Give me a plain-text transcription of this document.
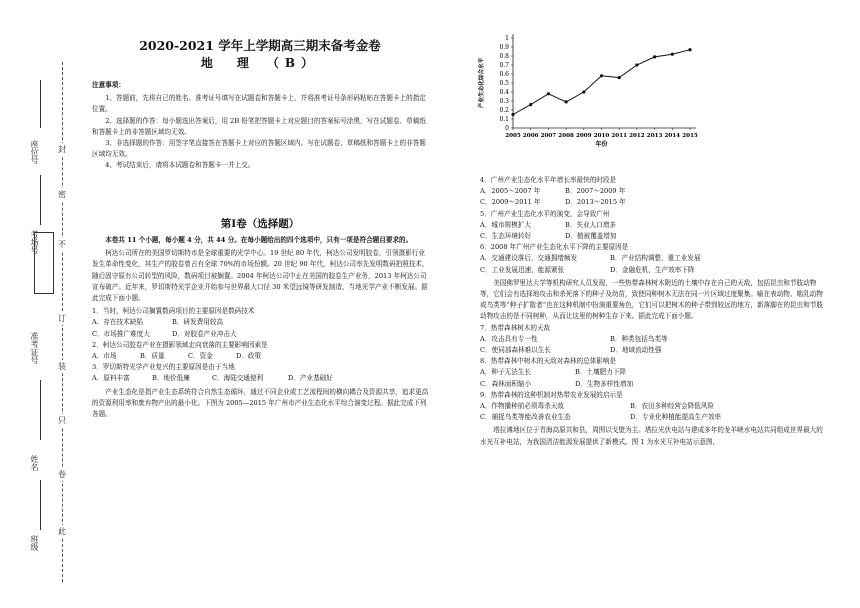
座位号
考场号
准考证号
姓名
班级
封
密
不
订
装
只
卷
此
2020-2021 学年上学期高三期末备考金卷
地　理　（B）

注意事项：

1、答题前，先将自己的姓名、准考证号填写在试题卷和答题卡上，并将准考证号条形码粘贴在答题卡上的指定位置。

2、选择题的作答：每小题选出答案后，用 2B 铅笔把答题卡上对应题目的答案标号涂黑，写在试题卷、草稿纸和答题卡上的非答题区域均无效。

3、非选择题的作答：用签字笔直接答在答题卡上对应的答题区域内。写在试题卷、草稿纸和答题卡上的非答题区域均无效。

4、考试结束后，请将本试题卷和答题卡一并上交。

第Ⅰ卷（选择题）

本卷共 11 个小题，每小题 4 分，共 44 分。在每小题给出的四个选项中，只有一项是符合题目要求的。

柯达公司所在的美国罗切斯特市是全球重要的光学中心。19 世纪 80 年代，柯达公司发明胶卷，引领摄影行业发生革命性变化，其生产的胶卷曾占有全球 70%的市场份额。20 世纪 90 年代，柯达公司率先发明数码拍照技术，随后固守原有公司转型的风险，数码项目被搁置。2004 年柯达公司中止在美国的胶卷生产业务，2013 年柯达公司宣布破产。近年来，罗切斯特光学企业开始参与世界最大口径 30 米望远镜等研发制造，当地光学产业不断发展。据此完成下面小题。

1．当时，柯达公司搁置数码项目的主要原因是数码技术

A．存在技术缺陷	B．研发费用较高
C．市场推广难度大	D．对胶卷产业冲击大

2．柯达公司胶卷产业在摄影领域走向衰落的主要影响因素是

A．市场	B．质量	C．资金	D．政策

3．罗切斯特光学产业复兴的主要原因是由于当地

A．原料丰富	B．地价低廉	C．海陆交通便利	D．产业基础好

产业生态化是指产业生态系统符合自然生态循环，通过不同企业或工艺流程间的横向耦合及资源共享，追求更高的资源利用率和废弃物产出的最小化。下图为 2005—2015 年广州市产业生态化水平综合演变过程。据此完成下列各题。

0
0.1
0.2
0.3
0.4
0.5
0.6
0.7
0.8
0.9
1
2005 2006 2007 2008 2009 2010 2011 2012 2013 2014 2015
年份
产业生态化综合水平

4．广州产业生态化水平年增长率最快的时段是

A．2005～2007 年	B．2007～2009 年
C．2009～2011 年	D．2013～2015 年

5．广州产业生态化水平的演变，会导致广州

A．城市规模扩大	B．失业人口增多
C．生态环境转好	D．植被覆盖增加

6．2008 年广州产业生态化水平下降的主要原因是

A．交通建设落后，交通拥堵频发	B．产业结构调整，重工业发展
C．工业发展迅速，能源紧张	D．金融危机，生产效率下降

美国佛罗里达大学等机构研究人员发现，一些热带森林树木附近的土壤中存在自己的天敌，包括昆虫和节肢动物等，它们会有选择地攻击和杀死落下的种子及幼苗，致使同种树木无法在同一片区域过度聚集。喻在表动物、啮乳动物或鸟类等“种子扩散者”也在这种机制中扮演重要角色，它们可以把树木的种子带到较远的地方，新落脚在的昆虫和节肢动物攻击的是不同树种，从而让这里的树种生存下来。据此完成下面小题。

7．热带森林树木的天敌

A．攻击具有专一性	B．种类包括鸟类等
C．使同部森林难以生长	D．地域流动性强

8．热带森林中树木的天敌对森林的总体影响是

A．种子无法生长	B．土壤肥力下降
C．森林面积缩小	D．生物多样性增加

9．热带森林的这种机制对热带农业发展的启示是

A．作物播种前必须毒杀天敌	B．农田多种经营会降低风险
C．捕捉鸟类等能改善农业生态	D．专业化种植能提高生产效率

塔拉滩地区位于青海高原共和县，周围以戈壁为主。塔拉光伏电站与建成多年的龙羊峡水电站共同组成世界最大的水光互补电站，为我国清洁能源发展提供了新模式。图 1 为水光互补电站示意图，
